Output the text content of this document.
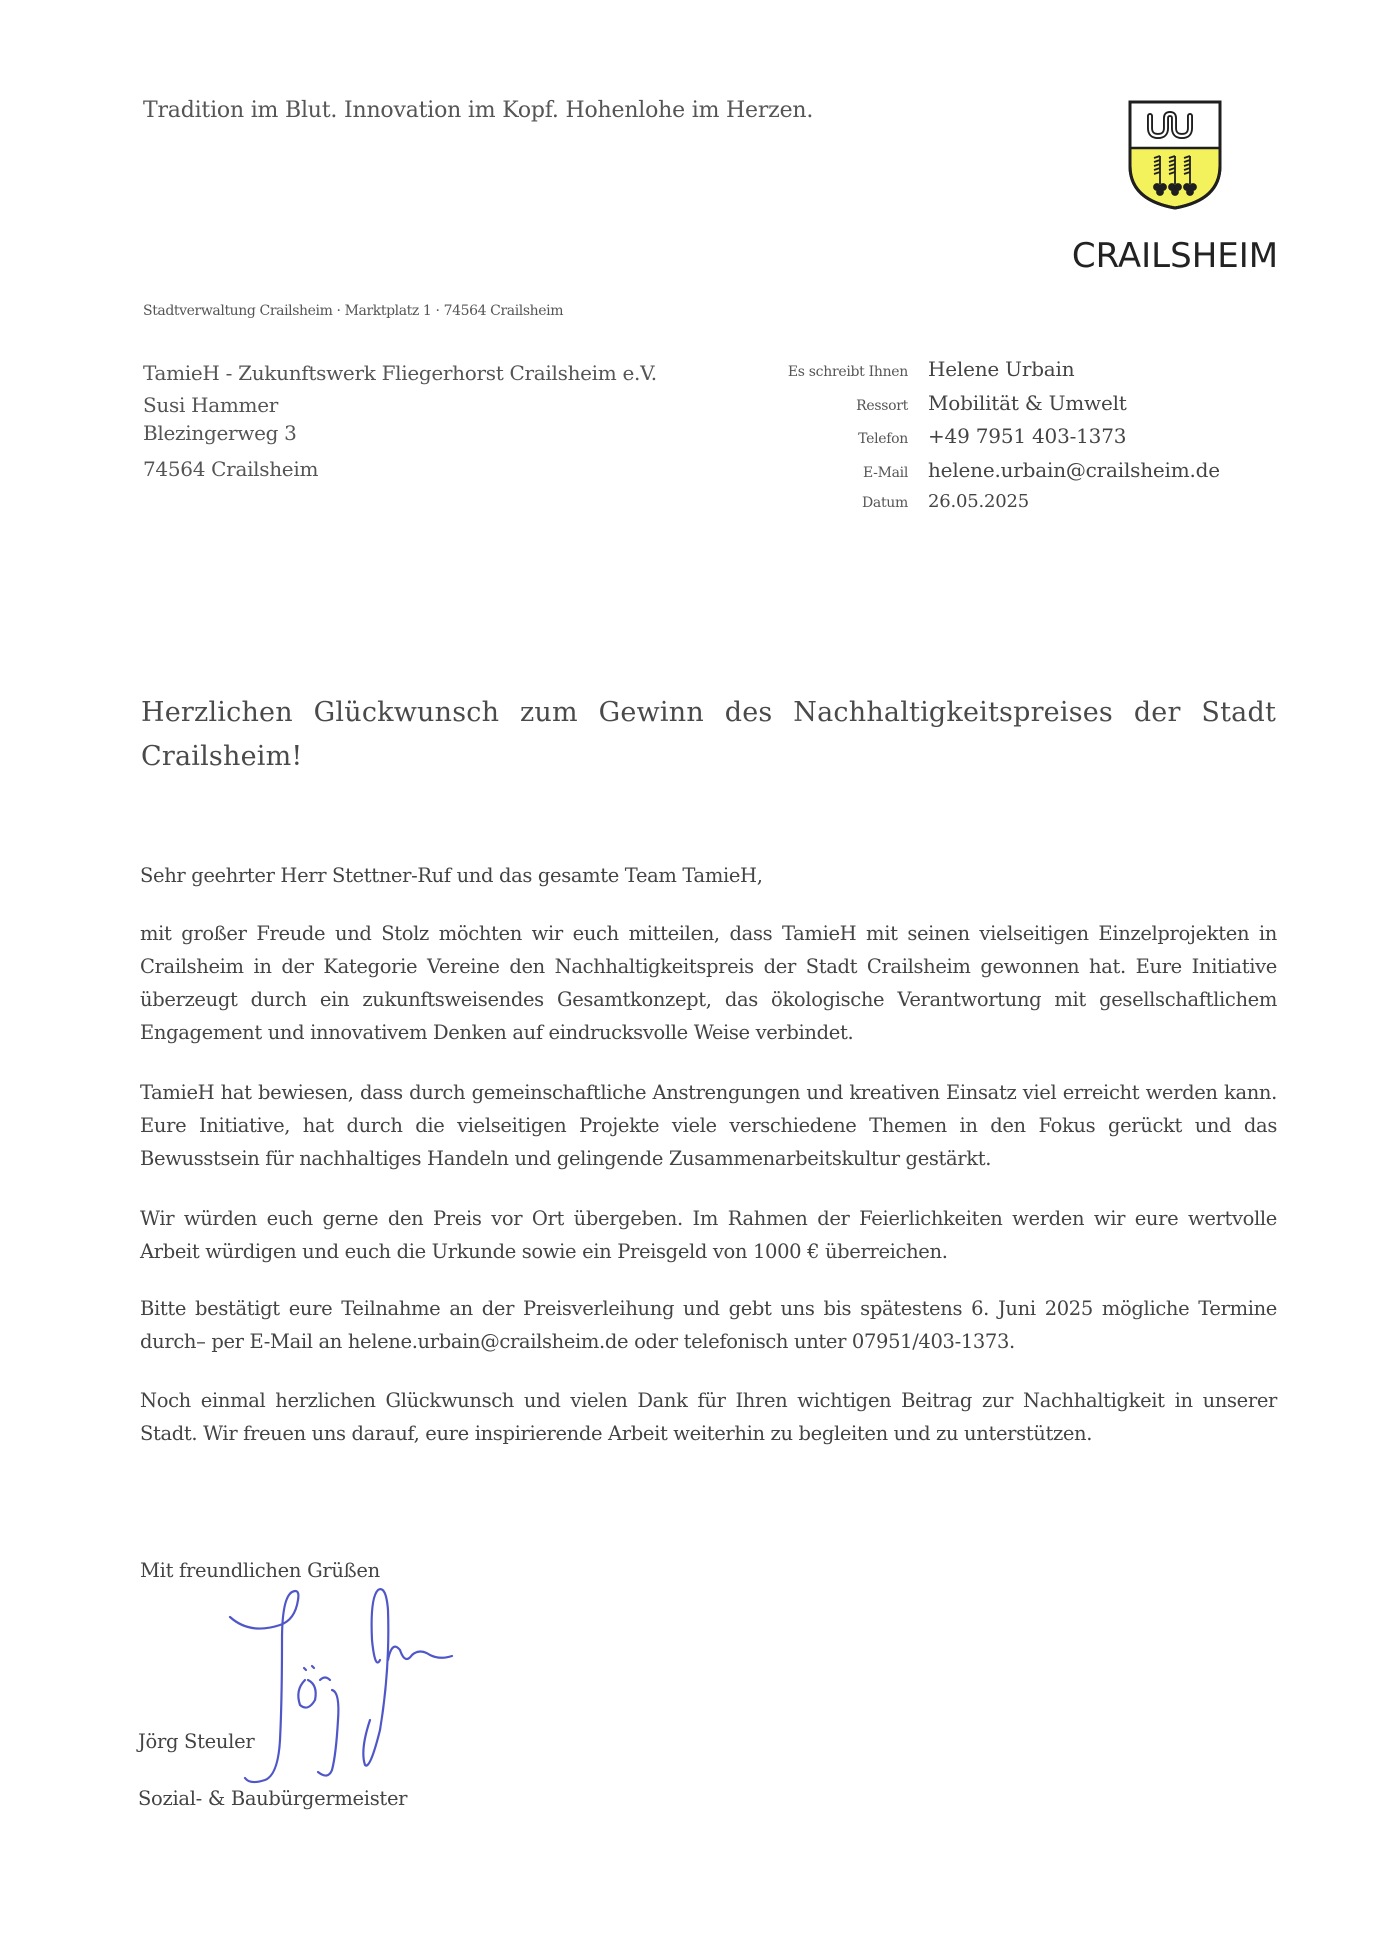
Tradition im Blut. Innovation im Kopf. Hohenlohe im Herzen.
CRAILSHEIM
Stadtverwaltung Crailsheim · Marktplatz 1 · 74564 Crailsheim
TamieH - Zukunftswerk Fliegerhorst Crailsheim e.V.
Susi Hammer
Blezingerweg 3
74564 Crailsheim
Es schreibt Ihnen	Helene Urbain
Ressort	Mobilität & Umwelt
Telefon	+49 7951 403-1373
E-Mail	helene.urbain@crailsheim.de
Datum	26.05.2025
Herzlichen Glückwunsch zum Gewinn des Nachhaltigkeitspreises der Stadt Crailsheim!
Sehr geehrter Herr Stettner-Ruf und das gesamte Team TamieH,
mit großer Freude und Stolz möchten wir euch mitteilen, dass TamieH mit seinen vielseitigen Einzelprojekten in Crailsheim in der Kategorie Vereine den Nachhaltigkeitspreis der Stadt Crailsheim gewonnen hat. Eure Initiative überzeugt durch ein zukunftsweisendes Gesamtkonzept, das ökologische Verantwortung mit gesellschaftlichem Engagement und innovativem Denken auf eindrucksvolle Weise verbindet.
TamieH hat bewiesen, dass durch gemeinschaftliche Anstrengungen und kreativen Einsatz viel erreicht werden kann. Eure Initiative, hat durch die vielseitigen Projekte viele verschiedene Themen in den Fokus gerückt und das Bewusstsein für nachhaltiges Handeln und gelingende Zusammenarbeitskultur gestärkt.
Wir würden euch gerne den Preis vor Ort übergeben. Im Rahmen der Feierlichkeiten werden wir eure wertvolle Arbeit würdigen und euch die Urkunde sowie ein Preisgeld von 1000 € überreichen.
Bitte bestätigt eure Teilnahme an der Preisverleihung und gebt uns bis spätestens 6. Juni 2025 mögliche Termine durch– per E-Mail an helene.urbain@crailsheim.de oder telefonisch unter 07951/403-1373.
Noch einmal herzlichen Glückwunsch und vielen Dank für Ihren wichtigen Beitrag zur Nachhaltigkeit in unserer Stadt. Wir freuen uns darauf, eure inspirierende Arbeit weiterhin zu begleiten und zu unterstützen.
Mit freundlichen Grüßen
Jörg Steuler
Sozial- & Baubürgermeister
